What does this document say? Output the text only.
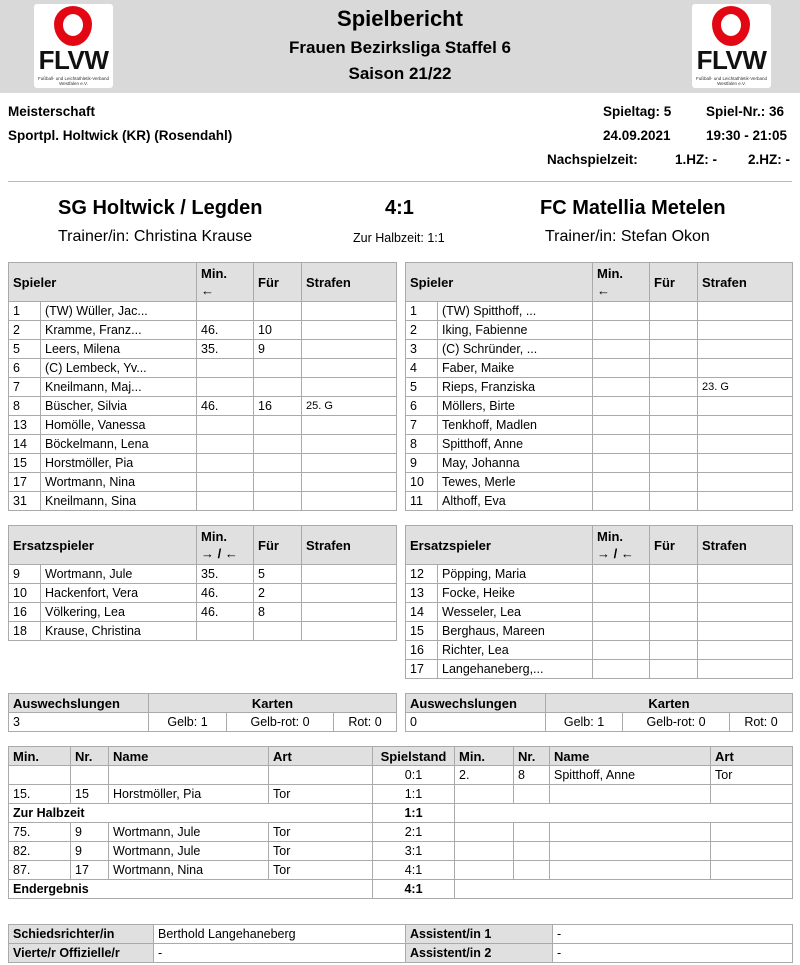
FLVW
Fußball- und Leichtathletik-Verband Westfalen e.V.
FLVW
Fußball- und Leichtathletik-Verband Westfalen e.V.
Spielbericht
Frauen Bezirksliga Staffel 6
Saison 21/22
Meisterschaft
Sportpl. Holtwick (KR) (Rosendahl)
Spieltag: 5	Spiel-Nr.: 36
24.09.2021	19:30 - 21:05
Nachspielzeit:	1.HZ: - 2.HZ: -
SG Holtwick / Legden	4:1	FC Matellia Metelen
Trainer/in: Christina Krause	Zur Halbzeit: 1:1	Trainer/in: Stefan Okon
Spieler		Min.
←	Für	Strafen
1	(TW) Wüller, Jac...			
2	Kramme, Franz...	46.	10	
5	Leers, Milena	35.	9	
6	(C) Lembeck, Yv...			
7	Kneilmann, Maj...			
8	Büscher, Silvia	46.	16	25. G
13	Homölle, Vanessa			
14	Böckelmann, Lena			
15	Horstmöller, Pia			
17	Wortmann, Nina			
31	Kneilmann, Sina			
Spieler		Min.
←	Für	Strafen
1	(TW) Spitthoff, ...			
2	Iking, Fabienne			
3	(C) Schründer, ...			
4	Faber, Maike			
5	Rieps, Franziska			23. G
6	Möllers, Birte			
7	Tenkhoff, Madlen			
8	Spitthoff, Anne			
9	May, Johanna			
10	Tewes, Merle			
11	Althoff, Eva			
Ersatzspieler		Min.
→ / ←	Für	Strafen
9	Wortmann, Jule	35.	5	
10	Hackenfort, Vera	46.	2	
16	Völkering, Lea	46.	8	
18	Krause, Christina			
Ersatzspieler		Min.
→ / ←	Für	Strafen
12	Pöpping, Maria			
13	Focke, Heike			
14	Wesseler, Lea			
15	Berghaus, Mareen			
16	Richter, Lea			
17	Langehaneberg,...			
Auswechslungen	Karten		
3	Gelb: 1	Gelb-rot: 0	Rot: 0
Auswechslungen	Karten		
0	Gelb: 1	Gelb-rot: 0	Rot: 0
Min.	Nr.	Name	Art	Spielstand	Min.	Nr.	Name	Art
				0:1	2.	8	Spitthoff, Anne	Tor
15.	15	Horstmöller, Pia	Tor	1:1				
Zur Halbzeit				1:1				
75.	9	Wortmann, Jule	Tor	2:1				
82.	9	Wortmann, Jule	Tor	3:1				
87.	17	Wortmann, Nina	Tor	4:1				
Endergebnis				4:1				
Schiedsrichter/in	Berthold Langehaneberg	Assistent/in 1	-
Vierte/r Offizielle/r	-	Assistent/in 2	-
